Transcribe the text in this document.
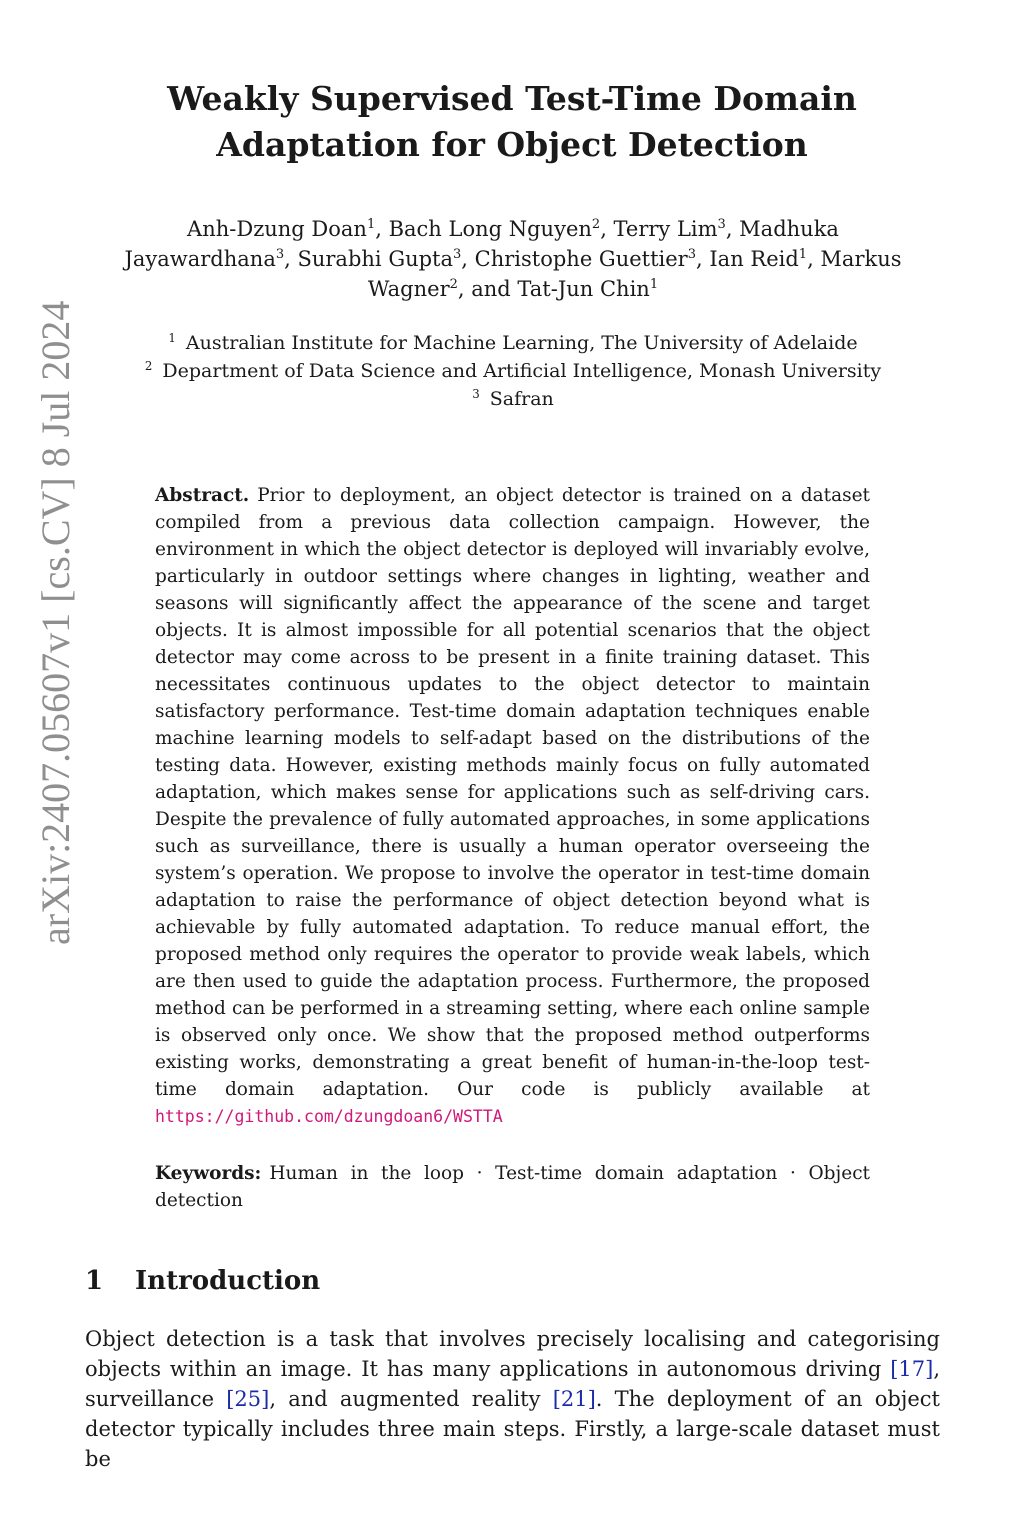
arXiv:2407.05607v1 [cs.CV] 8 Jul 2024
Weakly Supervised Test-Time Domain
Adaptation for Object Detection
Anh-Dzung Doan$^1$, Bach Long Nguyen$^2$, Terry Lim$^3$, Madhuka
Jayawardhana$^3$, Surabhi Gupta$^3$, Christophe Guettier$^3$, Ian Reid$^1$, Markus
Wagner$^2$, and Tat-Jun Chin$^1$
$^1$ Australian Institute for Machine Learning, The University of Adelaide
$^2$ Department of Data Science and Artificial Intelligence, Monash University
$^3$ Safran
Abstract. Prior to deployment, an object detector is trained on a dataset compiled from a previous data collection campaign. However, the environment in which the object detector is deployed will invariably evolve, particularly in outdoor settings where changes in lighting, weather and seasons will significantly affect the appearance of the scene and target objects. It is almost impossible for all potential scenarios that the object detector may come across to be present in a finite training dataset. This necessitates continuous updates to the object detector to maintain satisfactory performance. Test-time domain adaptation techniques enable machine learning models to self-adapt based on the distributions of the testing data. However, existing methods mainly focus on fully automated adaptation, which makes sense for applications such as self-driving cars. Despite the prevalence of fully automated approaches, in some applications such as surveillance, there is usually a human operator overseeing the system’s operation. We propose to involve the operator in test-time domain adaptation to raise the performance of object detection beyond what is achievable by fully automated adaptation. To reduce manual effort, the proposed method only requires the operator to provide weak labels, which are then used to guide the adaptation process. Furthermore, the proposed method can be performed in a streaming setting, where each online sample is observed only once. We show that the proposed method outperforms existing works, demonstrating a great benefit of human-in-the-loop test-time domain adaptation. Our code is publicly available at https://github.com/dzungdoan6/WSTTA
Keywords: Human in the loop · Test-time domain adaptation · Object detection
1 Introduction
Object detection is a task that involves precisely localising and categorising objects within an image. It has many applications in autonomous driving [17], surveillance [25], and augmented reality [21]. The deployment of an object detector typically includes three main steps. Firstly, a large-scale dataset must be
